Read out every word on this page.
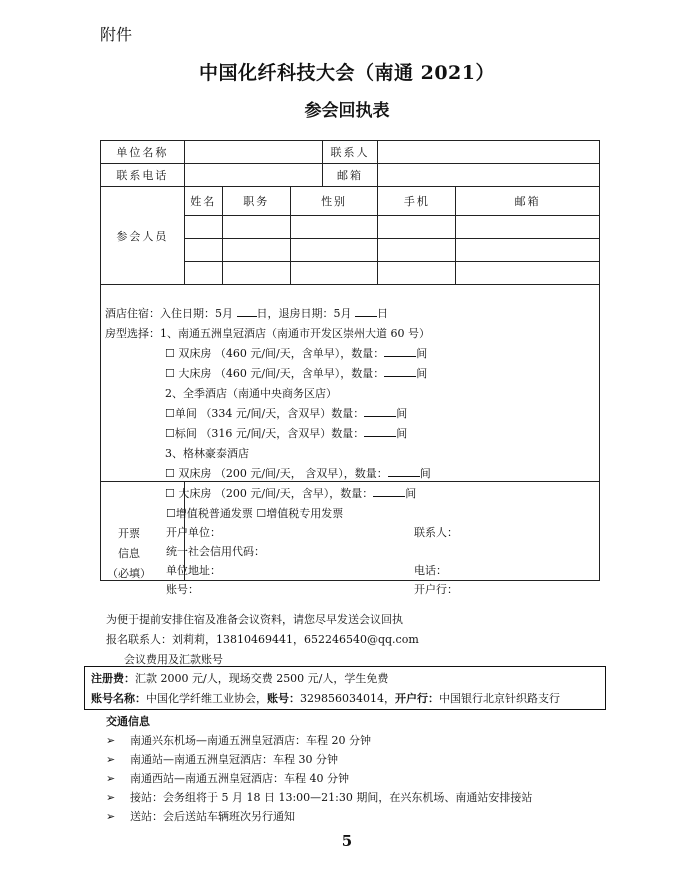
附件
中国化纤科技大会（南通 2021）
参会回执表
单位名称				联系人		
联系电话				邮箱		
参会人员	姓名	职务	性别		手机	邮箱

酒店住宿：入住日期：5月 日，退房日期：5月 日
房型选择：1、南通五洲皇冠酒店（南通市开发区崇州大道 60 号）
☐ 双床房 （460 元/间/天，含单早），数量：	间
☐ 大床房 （460 元/间/天，含单早），数量：	间
2、全季酒店（南通中央商务区店）
☐单间 （334 元/间/天，含双早）数量：	间
☐标间 （316 元/间/天，含双早）数量：	间
3、格林豪泰酒店
☐ 双床房 （200 元/间/天， 含双早），数量：	间
☐ 大床房 （200 元/间/天，含早），数量：	间
开票
信息
（必填）
☐增值税普通发票 ☐增值税专用发票
开户单位：	联系人：
统一社会信用代码：
单位地址：	电话：
账号：	开户行：
为便于提前安排住宿及准备会议资料，请您尽早发送会议回执
报名联系人：刘莉莉，13810469441，652246540@qq.com
会议费用及汇款账号
注册费：汇款 2000 元/人，现场交费 2500 元/人，学生免费
账号名称：中国化学纤维工业协会，账号：329856034014，开户行：中国银行北京针织路支行
交通信息
➢ 南通兴东机场—南通五洲皇冠酒店：车程 20 分钟
➢ 南通站—南通五洲皇冠酒店：车程 30 分钟
➢ 南通西站—南通五洲皇冠酒店：车程 40 分钟
➢ 接站：会务组将于 5 月 18 日 13:00—21:30 期间，在兴东机场、南通站安排接站
➢ 送站：会后送站车辆班次另行通知
5
